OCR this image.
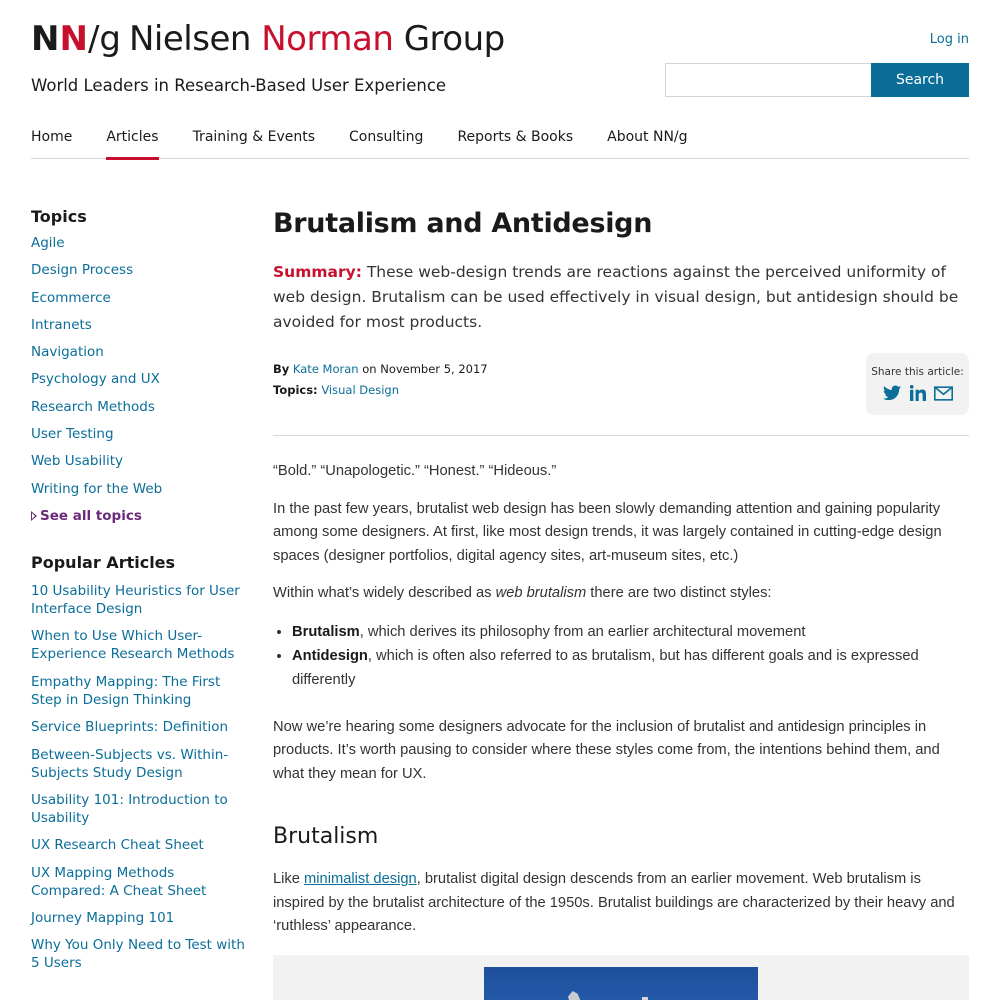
NN/g Nielsen Norman Group
World Leaders in Research-Based User Experience
Log in
Search
Home Articles Training & Events Consulting Reports & Books About NN/g
Topics
Agile
Design Process
Ecommerce
Intranets
Navigation
Psychology and UX
Research Methods
User Testing
Web Usability
Writing for the Web
See all topics
Popular Articles
10 Usability Heuristics for User Interface Design
When to Use Which User-Experience Research Methods
Empathy Mapping: The First Step in Design Thinking
Service Blueprints: Definition
Between-Subjects vs. Within-Subjects Study Design
Usability 101: Introduction to Usability
UX Research Cheat Sheet
UX Mapping Methods Compared: A Cheat Sheet
Journey Mapping 101
Why You Only Need to Test with 5 Users
Brutalism and Antidesign

Summary: These web-design trends are reactions against the perceived uniformity of web design. Brutalism can be used effectively in visual design, but antidesign should be avoided for most products.

By Kate Moran on November 5, 2017
Topics: Visual Design
Share this article:

“Bold.” “Unapologetic.” “Honest.” “Hideous.”

In the past few years, brutalist web design has been slowly demanding attention and gaining popularity among some designers. At first, like most design trends, it was largely contained in cutting-edge design spaces (designer portfolios, digital agency sites, art-museum sites, etc.)

Within what’s widely described as web brutalism there are two distinct styles:

• Brutalism, which derives its philosophy from an earlier architectural movement
• Antidesign, which is often also referred to as brutalism, but has different goals and is expressed differently

Now we’re hearing some designers advocate for the inclusion of brutalist and antidesign principles in products. It’s worth pausing to consider where these styles come from, the intentions behind them, and what they mean for UX.

Brutalism

Like minimalist design, brutalist digital design descends from an earlier movement. Web brutalism is inspired by the brutalist architecture of the 1950s. Brutalist buildings are characterized by their heavy and ‘ruthless’ appearance.
